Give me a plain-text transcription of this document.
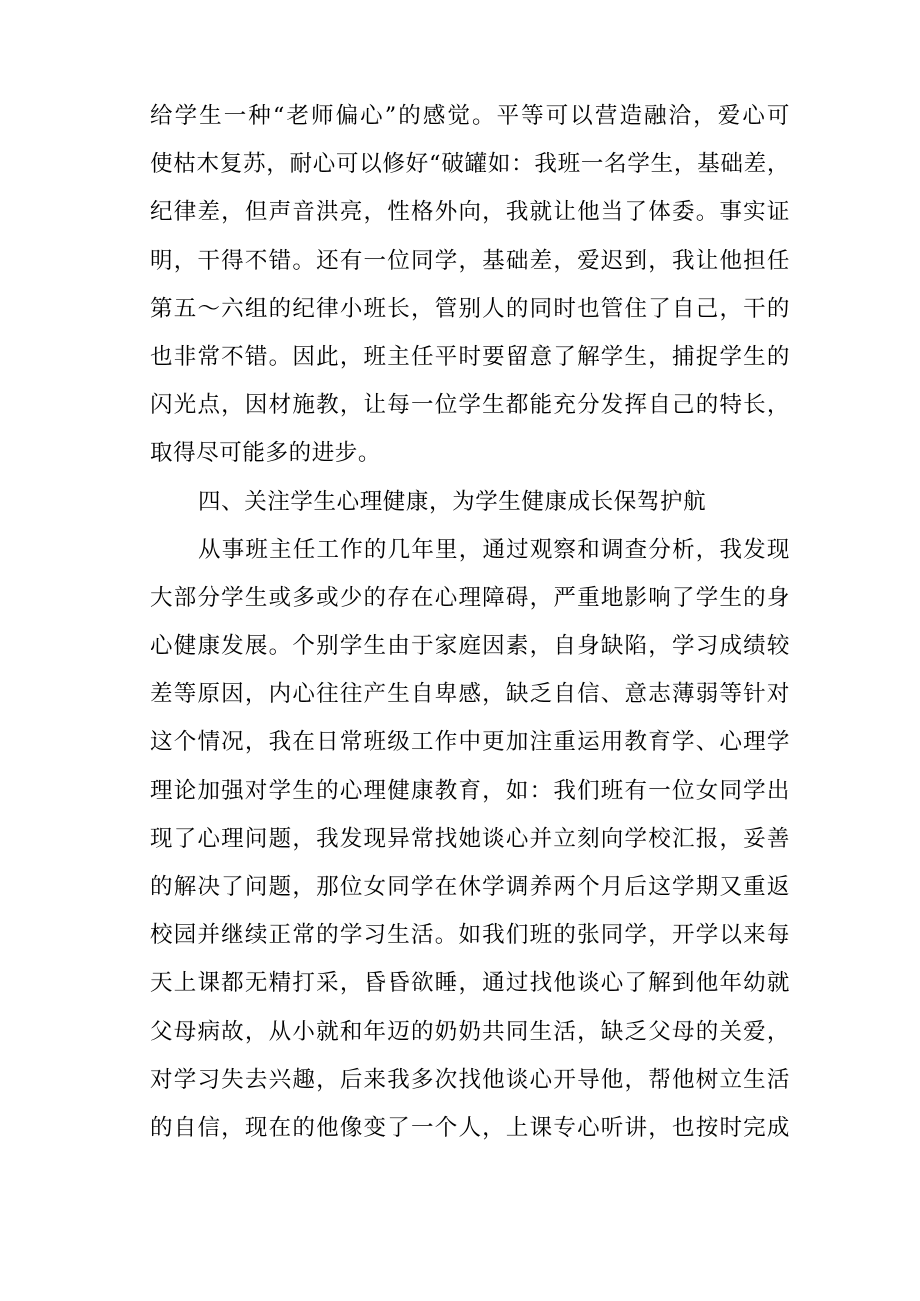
给学生一种“老师偏心”的感觉。平等可以营造融洽，爱心可

使枯木复苏，耐心可以修好“破罐如：我班一名学生，基础差，

纪律差，但声音洪亮，性格外向，我就让他当了体委。事实证

明，干得不错。还有一位同学，基础差，爱迟到，我让他担任

第五～六组的纪律小班长，管别人的同时也管住了自己，干的

也非常不错。因此，班主任平时要留意了解学生，捕捉学生的

闪光点，因材施教，让每一位学生都能充分发挥自己的特长，

取得尽可能多的进步。

四、关注学生心理健康，为学生健康成长保驾护航

从事班主任工作的几年里，通过观察和调查分析，我发现

大部分学生或多或少的存在心理障碍，严重地影响了学生的身

心健康发展。个别学生由于家庭因素，自身缺陷，学习成绩较

差等原因，内心往往产生自卑感，缺乏自信、意志薄弱等针对

这个情况，我在日常班级工作中更加注重运用教育学、心理学

理论加强对学生的心理健康教育，如：我们班有一位女同学出

现了心理问题，我发现异常找她谈心并立刻向学校汇报，妥善

的解决了问题，那位女同学在休学调养两个月后这学期又重返

校园并继续正常的学习生活。如我们班的张同学，开学以来每

天上课都无精打采，昏昏欲睡，通过找他谈心了解到他年幼就

父母病故，从小就和年迈的奶奶共同生活，缺乏父母的关爱，

对学习失去兴趣，后来我多次找他谈心开导他，帮他树立生活

的自信，现在的他像变了一个人，上课专心听讲，也按时完成
